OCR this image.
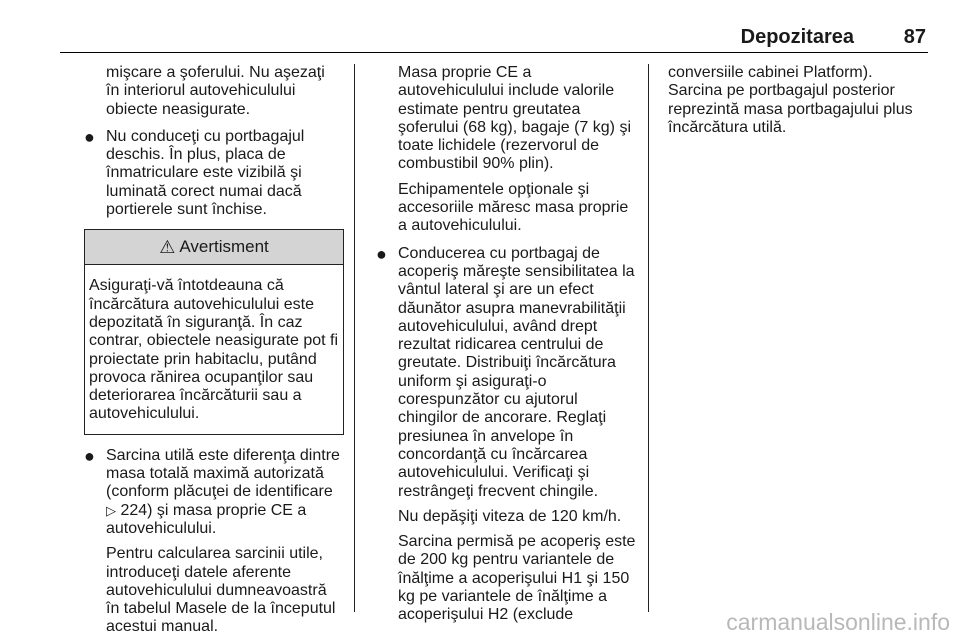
Depozitarea 87

mişcare a şoferului. Nu aşezaţi în interiorul autovehiculului obiecte neasigurate.

● Nu conduceţi cu portbagajul deschis. În plus, placa de înmatriculare este vizibilă şi luminată corect numai dacă portierele sunt închise.
⚠ Avertisment
Asiguraţi-vă întotdeauna că încărcătura autovehiculului este depozitată în siguranţă. În caz contrar, obiectele neasigurate pot fi proiectate prin habitaclu, putând provoca rănirea ocupanţilor sau deteriorarea încărcăturii sau a autovehiculului.
● Sarcina utilă este diferenţa dintre masa totală maximă autorizată (conform plăcuţei de identificare
▷ 224) şi masa proprie CE a autovehiculului.

Pentru calcularea sarcinii utile, introduceţi datele aferente autovehiculului dumneavoastră în tabelul Masele de la începutul acestui manual.

Masa proprie CE a autovehiculului include valorile estimate pentru greutatea şoferului (68 kg), bagaje (7 kg) şi toate lichidele (rezervorul de combustibil 90% plin).

Echipamentele opţionale şi accesoriile măresc masa proprie a autovehiculului.

● Conducerea cu portbagaj de acoperiş măreşte sensibilitatea la vântul lateral şi are un efect dăunător asupra manevrabilităţii autovehiculului, având drept rezultat ridicarea centrului de greutate. Distribuiţi încărcătura uniform şi asiguraţi-o corespunzător cu ajutorul chingilor de ancorare. Reglaţi presiunea în anvelope în concordanţă cu încărcarea autovehiculului. Verificaţi şi restrângeţi frecvent chingile.

Nu depăşiţi viteza de 120 km/h.

Sarcina permisă pe acoperiş este de 200 kg pentru variantele de înălţime a acoperişului H1 şi 150 kg pe variantele de înălţime a acoperişului H2 (exclude

conversiile cabinei Platform).

Sarcina pe portbagajul posterior reprezintă masa portbagajului plus încărcătura utilă.

carmanualsonline.info
